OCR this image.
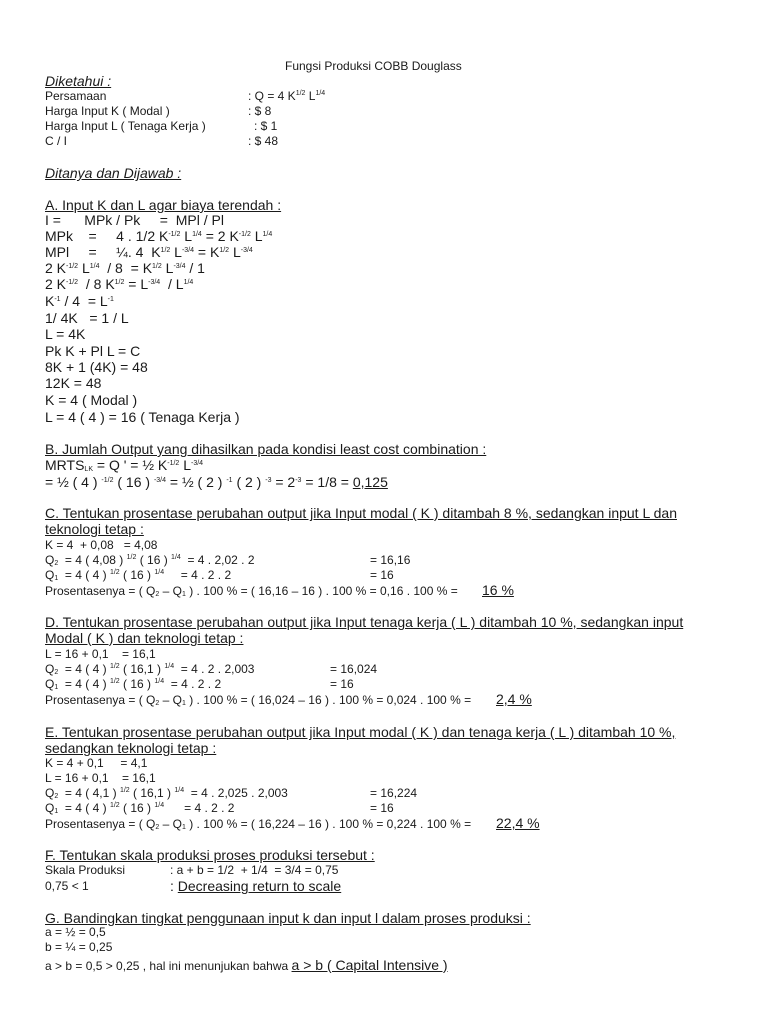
Fungsi Produksi COBB Douglass
Diketahui :
Persamaan	: Q = 4 $K^{1/2}$ $L^{1/4}$
Harga Input K ( Modal )	: $ 8
Harga Input L ( Tenaga Kerja )	: $ 1
C / I	: $ 48
Ditanya dan Dijawab :
A. Input K dan L agar biaya terendah :
I =      MPk / Pk     =  MPl / Pl
MPk    =     4 . 1/2 $K^{-1/2}$ $L^{1/4} = 2$ $K^{-1/2}$ $L^{1/4}$
MPl     =     ¼. 4  $K^{1/2}$ $L^{-3/4} = K^{1/2}$ $L^{-3/4}$
2 $K^{-1/2}$ $L^{1/4} / 8 = K^{1/2}$ $L^{-3/4} / 1$
2 $K^{-1/2} / 8$ $K^{1/2} = L^{-3/4} / L^{1/4}$
$K^{-1} / 4 = L^{-1}$
1/ 4K   = 1 / L
L = 4K
Pk K + Pl L = C
8K + 1 (4K) = 48
12K = 48
K = 4 ( Modal )
L = 4 ( 4 ) = 16 ( Tenaga Kerja )
B. Jumlah Output yang dihasilkan pada kondisi least cost combination :
$MRTS_{LK} = Q$ ' = ½ $K^{-1/2}$ $L^{-3/4}$
= ½ ( 4 ) $^{-1/2}$ ( 16 ) $^{-3/4}$ = ½ ( 2 ) $^{-1}$ ( 2 ) $^{-3} = 2^{-3} = 1/8 = 0,125$
C. Tentukan prosentase perubahan output jika Input modal ( K ) ditambah 8 %, sedangkan input L dan
teknologi tetap :
K = 4  + 0,08   = 4,08
$Q_2 = 4$ ( 4,08 ) $^{1/2}$ ( 16 ) $^{1/4}$  = 4 . 2,02 . 2	= 16,16
$Q_1 = 4$ ( 4 ) $^{1/2}$ ( 16 ) $^{1/4}$     = 4 . 2 . 2	= 16
Prosentasenya = ( $Q_2 - Q_1$ ) . 100 % = ( 16,16 – 16 ) . 100 % = 0,16 . 100 % = 16 %
D. Tentukan prosentase perubahan output jika Input tenaga kerja ( L ) ditambah 10 %, sedangkan input
Modal ( K ) dan teknologi tetap :
L = 16 + 0,1    = 16,1
$Q_2 = 4$ ( 4 ) $^{1/2}$ ( 16,1 ) $^{1/4}$  = 4 . 2 . 2,003	= 16,024
$Q_1 = 4$ ( 4 ) $^{1/2}$ ( 16 ) $^{1/4}$  = 4 . 2 . 2	= 16
Prosentasenya = ( $Q_2 - Q_1$ ) . 100 % = ( 16,024 – 16 ) . 100 % = 0,024 . 100 % = 2,4 %
E. Tentukan prosentase perubahan output jika Input modal ( K ) dan tenaga kerja ( L ) ditambah 10 %,
sedangkan teknologi tetap :
K = 4 + 0,1     = 4,1
L = 16 + 0,1    = 16,1
$Q_2 = 4$ ( 4,1 ) $^{1/2}$ ( 16,1 ) $^{1/4}$  = 4 . 2,025 . 2,003	= 16,224
$Q_1 = 4$ ( 4 ) $^{1/2}$ ( 16 ) $^{1/4}$      = 4 . 2 . 2	= 16
Prosentasenya = ( $Q_2 - Q_1$ ) . 100 % = ( 16,224 – 16 ) . 100 % = 0,224 . 100 % = 22,4 %
F. Tentukan skala produksi proses produksi tersebut :
Skala Produksi	: a + b = 1/2  + 1/4  = 3/4 = 0,75
0,75 < 1	: Decreasing return to scale
G. Bandingkan tingkat penggunaan input k dan input l dalam proses produksi :
a = ½ = 0,5
b = ¼ = 0,25
a > b = 0,5 > 0,25 , hal ini menunjukan bahwa a > b ( Capital Intensive )
